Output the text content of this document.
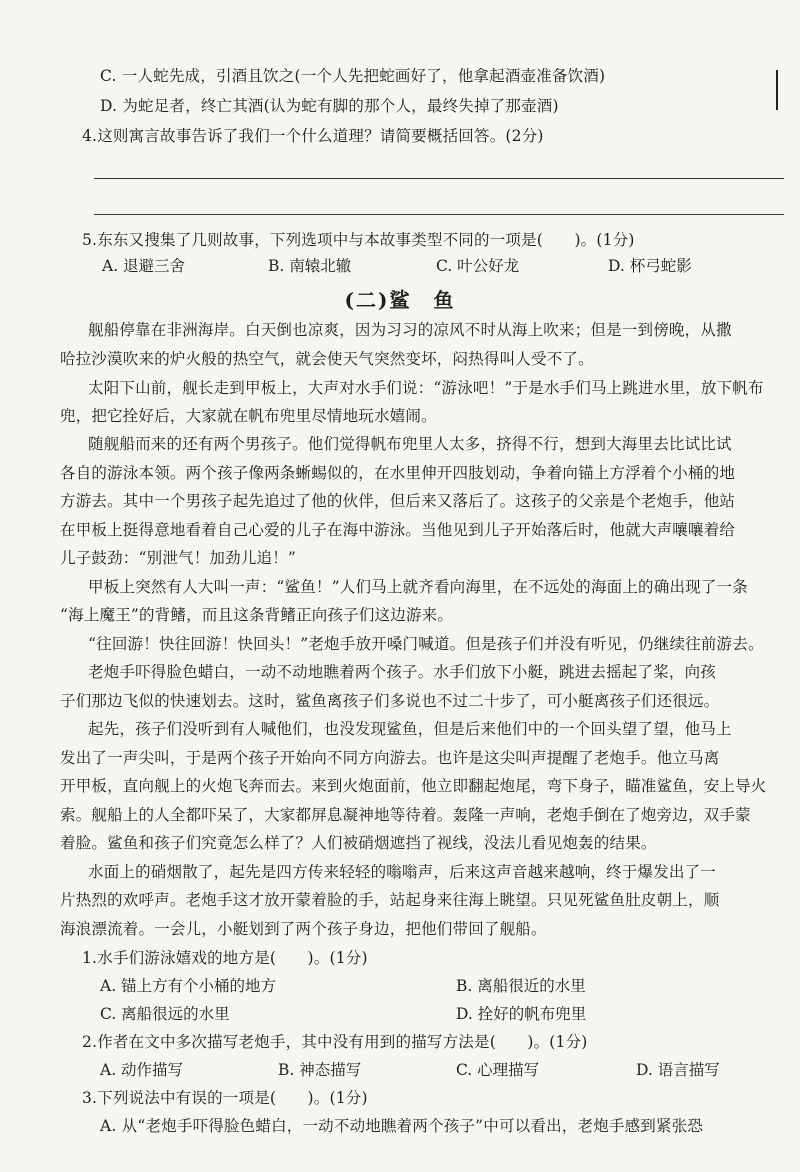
C. 一人蛇先成，引酒且饮之(一个人先把蛇画好了，他拿起酒壶准备饮酒)
D. 为蛇足者，终亡其酒(认为蛇有脚的那个人，最终失掉了那壶酒)
4.这则寓言故事告诉了我们一个什么道理？请简要概括回答。(2分)
5.东东又搜集了几则故事，下列选项中与本故事类型不同的一项是(　　)。(1分)
A. 退避三舍	B. 南辕北辙	C. 叶公好龙	D. 杯弓蛇影
(二)鲨　鱼
舰船停靠在非洲海岸。白天倒也凉爽，因为习习的凉风不时从海上吹来；但是一到傍晚，从撒
哈拉沙漠吹来的炉火般的热空气，就会使天气突然变坏，闷热得叫人受不了。
太阳下山前，舰长走到甲板上，大声对水手们说：“游泳吧！”于是水手们马上跳进水里，放下帆布
兜，把它拴好后，大家就在帆布兜里尽情地玩水嬉闹。
随舰船而来的还有两个男孩子。他们觉得帆布兜里人太多，挤得不行，想到大海里去比试比试
各自的游泳本领。两个孩子像两条蜥蜴似的，在水里伸开四肢划动，争着向锚上方浮着个小桶的地
方游去。其中一个男孩子起先追过了他的伙伴，但后来又落后了。这孩子的父亲是个老炮手，他站
在甲板上挺得意地看着自己心爱的儿子在海中游泳。当他见到儿子开始落后时，他就大声嚷嚷着给
儿子鼓劲：“别泄气！加劲儿追！”
甲板上突然有人大叫一声：“鲨鱼！”人们马上就齐看向海里，在不远处的海面上的确出现了一条
“海上魔王”的背鳍，而且这条背鳍正向孩子们这边游来。
“往回游！快往回游！快回头！”老炮手放开嗓门喊道。但是孩子们并没有听见，仍继续往前游去。
老炮手吓得脸色蜡白，一动不动地瞧着两个孩子。水手们放下小艇，跳进去摇起了桨，向孩
子们那边飞似的快速划去。这时，鲨鱼离孩子们多说也不过二十步了，可小艇离孩子们还很远。
起先，孩子们没听到有人喊他们，也没发现鲨鱼，但是后来他们中的一个回头望了望，他马上
发出了一声尖叫，于是两个孩子开始向不同方向游去。也许是这尖叫声提醒了老炮手。他立马离
开甲板，直向舰上的火炮飞奔而去。来到火炮面前，他立即翻起炮尾，弯下身子，瞄准鲨鱼，安上导火
索。舰船上的人全都吓呆了，大家都屏息凝神地等待着。轰隆一声响，老炮手倒在了炮旁边，双手蒙
着脸。鲨鱼和孩子们究竟怎么样了？人们被硝烟遮挡了视线，没法儿看见炮轰的结果。
水面上的硝烟散了，起先是四方传来轻轻的嗡嗡声，后来这声音越来越响，终于爆发出了一
片热烈的欢呼声。老炮手这才放开蒙着脸的手，站起身来往海上眺望。只见死鲨鱼肚皮朝上，顺
海浪漂流着。一会儿，小艇划到了两个孩子身边，把他们带回了舰船。
1.水手们游泳嬉戏的地方是(　　)。(1分)
A. 锚上方有个小桶的地方	B. 离船很近的水里
C. 离船很远的水里	D. 拴好的帆布兜里
2.作者在文中多次描写老炮手，其中没有用到的描写方法是(　　)。(1分)
A. 动作描写	B. 神态描写	C. 心理描写	D. 语言描写
3.下列说法中有误的一项是(　　)。(1分)
A. 从“老炮手吓得脸色蜡白，一动不动地瞧着两个孩子”中可以看出，老炮手感到紧张恐
